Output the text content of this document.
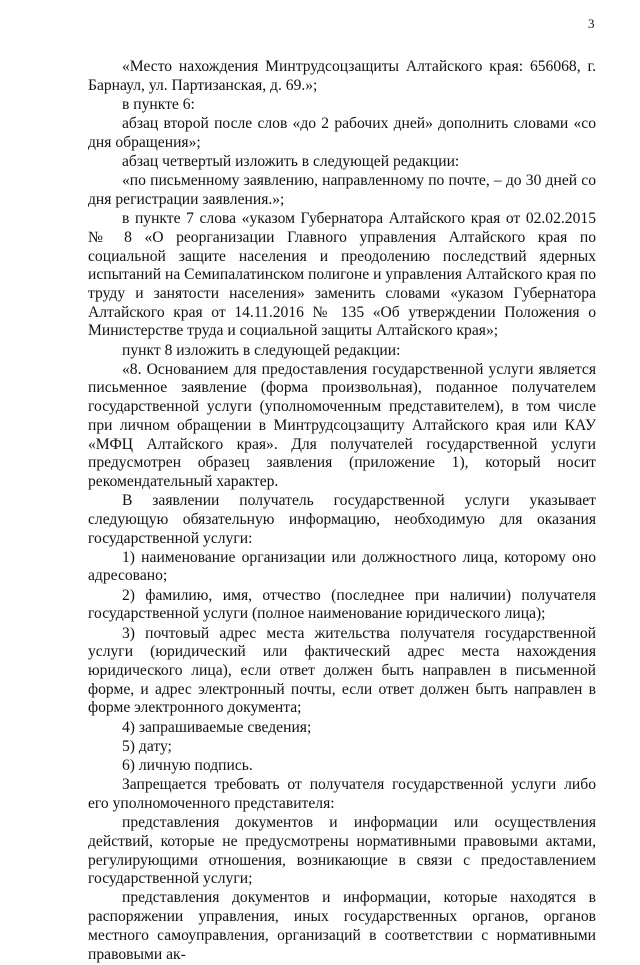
3

«Место нахождения Минтрудсоцзащиты Алтайского края: 656068, г. Барнаул, ул. Партизанская, д. 69.»;

в пункте 6:

абзац второй после слов «до 2 рабочих дней» дополнить словами «со дня обращения»;

абзац четвертый изложить в следующей редакции:

«по письменному заявлению, направленному по почте, – до 30 дней со дня регистрации заявления.»;

в пункте 7 слова «указом Губернатора Алтайского края от 02.02.2015 № 8 «О реорганизации Главного управления Алтайского края по социальной защите населения и преодолению последствий ядерных испытаний на Семипалатинском полигоне и управления Алтайского края по труду и занятости населения» заменить словами «указом Губернатора Алтайского края от 14.11.2016 № 135 «Об утверждении Положения о Министерстве труда и социальной защиты Алтайского края»;

пункт 8 изложить в следующей редакции:

«8. Основанием для предоставления государственной услуги является письменное заявление (форма произвольная), поданное получателем государственной услуги (уполномоченным представителем), в том числе при личном обращении в Минтрудсоцзащиту Алтайского края или КАУ «МФЦ Алтайского края». Для получателей государственной услуги предусмотрен образец заявления (приложение 1), который носит рекомендательный характер.

В заявлении получатель государственной услуги указывает следующую обязательную информацию, необходимую для оказания государственной услуги:

1) наименование организации или должностного лица, которому оно адресовано;

2) фамилию, имя, отчество (последнее при наличии) получателя государственной услуги (полное наименование юридического лица);

3) почтовый адрес места жительства получателя государственной услуги (юридический или фактический адрес места нахождения юридического лица), если ответ должен быть направлен в письменной форме, и адрес электронный почты, если ответ должен быть направлен в форме электронного документа;

4) запрашиваемые сведения;

5) дату;

6) личную подпись.

Запрещается требовать от получателя государственной услуги либо его уполномоченного представителя:

представления документов и информации или осуществления действий, которые не предусмотрены нормативными правовыми актами, регулирующими отношения, возникающие в связи с предоставлением государственной услуги;

представления документов и информации, которые находятся в распоряжении управления, иных государственных органов, органов местного самоуправления, организаций в соответствии с нормативными правовыми ак-
